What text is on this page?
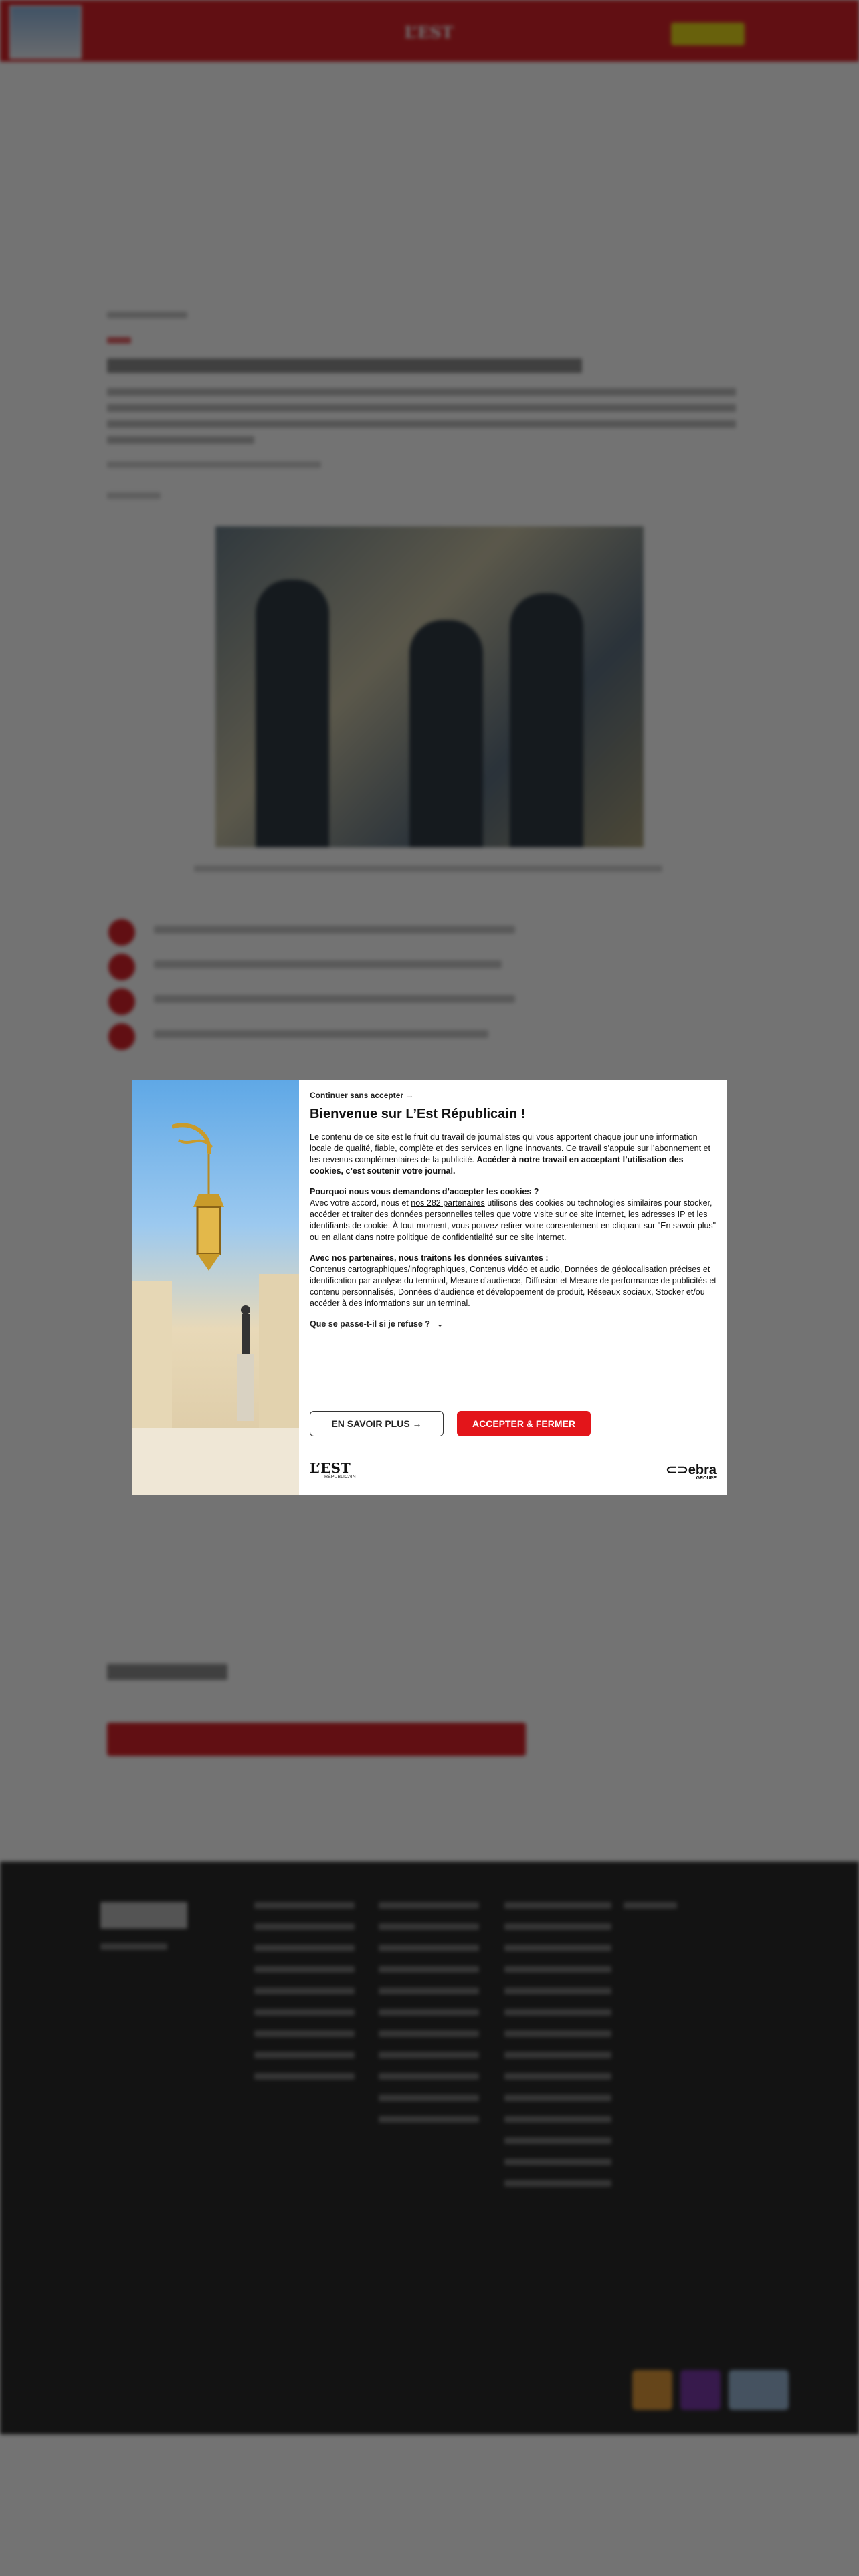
Continuer sans accepter →
Bienvenue sur L’Est Républicain !

Le contenu de ce site est le fruit du travail de journalistes qui vous apportent chaque jour une information locale de qualité, fiable, complète et des services en ligne innovants. Ce travail s’appuie sur l’abonnement et les revenus complémentaires de la publicité. Accéder à notre travail en acceptant l’utilisation des cookies, c’est soutenir votre journal.

Pourquoi nous vous demandons d’accepter les cookies ?
Avec votre accord, nous et nos 282 partenaires utilisons des cookies ou technologies similaires pour stocker, accéder et traiter des données personnelles telles que votre visite sur ce site internet, les adresses IP et les identifiants de cookie. À tout moment, vous pouvez retirer votre consentement en cliquant sur "En savoir plus" ou en allant dans notre politique de confidentialité sur ce site internet.

Avec nos partenaires, nous traitons les données suivantes :
Contenus cartographiques/infographiques, Contenus vidéo et audio, Données de géolocalisation précises et identification par analyse du terminal, Mesure d’audience, Diffusion et Mesure de performance de publicités et contenu personnalisés, Données d’audience et développement de produit, Réseaux sociaux, Stocker et/ou accéder à des informations sur un terminal.

Que se passe-t-il si je refuse ? ⌄
EN SAVOIR PLUS →	ACCEPTER & FERMER
L’EST
RÉPUBLICAIN	⊂⊃ebra
GROUPE
